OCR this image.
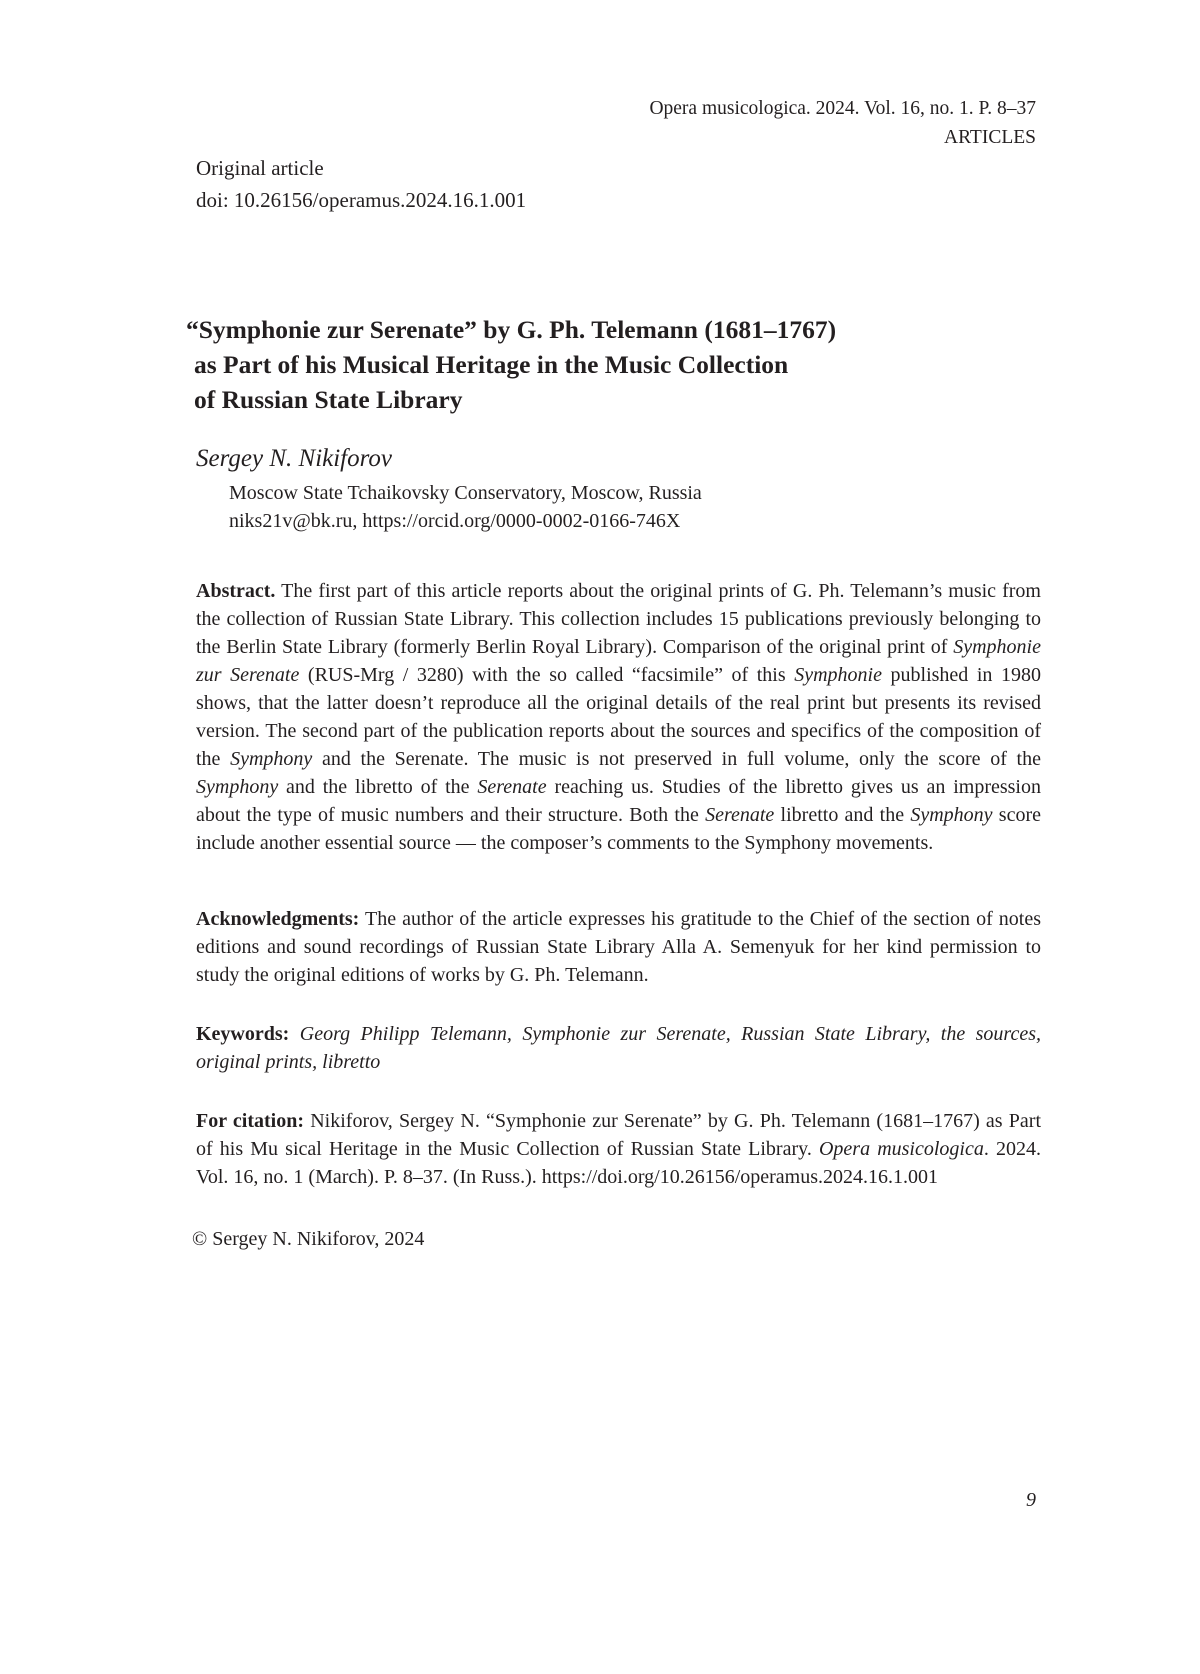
Opera musicologica. 2024. Vol. 16, no. 1. P. 8–37
ARTICLES
Original article
doi: 10.26156/operamus.2024.16.1.001
“Symphonie zur Serenate” by G. Ph. Telemann (1681–1767)
as Part of his Musical Heritage in the Music Collection
of Russian State Library
Sergey N. Nikiforov
Moscow State Tchaikovsky Conservatory, Moscow, Russia
niks21v@bk.ru, https://orcid.org/0000-0002-0166-746X
Abstract. The first part of this article reports about the original prints of G. Ph. Telemann’s music from the collection of Russian State Library. This collection includes 15 publications previously belonging to the Berlin State Library (formerly Berlin Royal Library). Comparison of the original print of Symphonie zur Serenate (RUS-Mrg / 3280) with the so called “facsimile” of this Symphonie published in 1980 shows, that the latter doesn’t reproduce all the original details of the real print but presents its revised version. The second part of the publication reports about the sources and specifics of the composition of the Symphony and the Serenate. The music is not preserved in full volume, only the score of the Symphony and the libretto of the Serenate reaching us. Studies of the libretto gives us an impression about the type of music numbers and their structure. Both the Serenate libretto and the Symphony score include another essential source — the composer’s comments to the Symphony movements.
Acknowledgments: The author of the article expresses his gratitude to the Chief of the section of notes editions and sound recordings of Russian State Library Alla A. Semenyuk for her kind permission to study the original editions of works by G. Ph. Telemann.
Keywords: Georg Philipp Telemann, Symphonie zur Serenate, Russian State Library, the sources, original prints, libretto
For citation: Nikiforov, Sergey N. “Symphonie zur Serenate” by G. Ph. Telemann (1681–1767) as Part of his Mu sical Heritage in the Music Collection of Russian State Library. Opera musicologica. 2024. Vol. 16, no. 1 (March). P. 8–37. (In Russ.). https://doi.org/10.26156/operamus.2024.16.1.001
© Sergey N. Nikiforov, 2024
9
